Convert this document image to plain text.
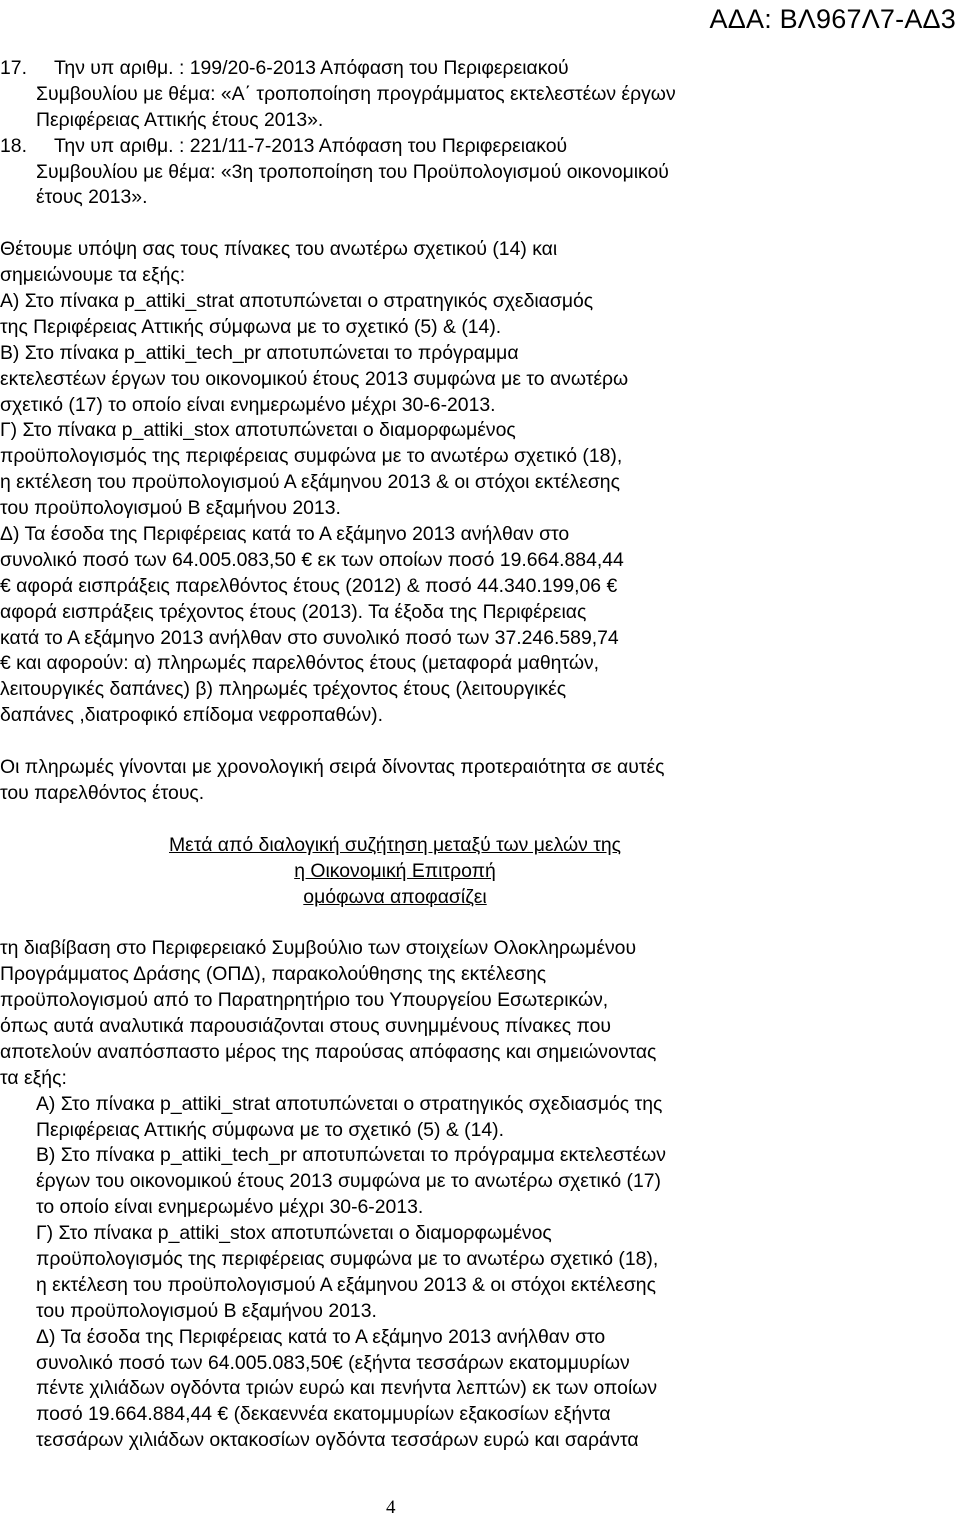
ΑΔΑ: ΒΛ967Λ7-ΑΔ3
17. Την υπ αριθμ. : 199/20-6-2013 Απόφαση του Περιφερειακού
Συμβουλίου με θέμα: «Α΄ τροποποίηση προγράμματος εκτελεστέων έργων
Περιφέρειας Αττικής έτους 2013».
18. Την υπ αριθμ. : 221/11-7-2013 Απόφαση του Περιφερειακού
Συμβουλίου με θέμα: «3η τροποποίηση του Προϋπολογισμού οικονομικού
έτους 2013».
Θέτουμε υπόψη σας τους πίνακες του ανωτέρω σχετικού (14) και
σημειώνουμε τα εξής:
Α) Στο πίνακα p_attiki_strat αποτυπώνεται ο στρατηγικός σχεδιασμός
της Περιφέρειας Αττικής σύμφωνα με το σχετικό (5) & (14).
Β) Στο πίνακα p_attiki_tech_pr αποτυπώνεται το πρόγραμμα
εκτελεστέων έργων του οικονομικού έτους 2013 συμφώνα με το ανωτέρω
σχετικό (17) το οποίο είναι ενημερωμένο μέχρι 30-6-2013.
Γ) Στο πίνακα p_attiki_stox αποτυπώνεται ο διαμορφωμένος
προϋπολογισμός της περιφέρειας συμφώνα με το ανωτέρω σχετικό (18),
η εκτέλεση του προϋπολογισμού Α εξάμηνου 2013 & οι στόχοι εκτέλεσης
του προϋπολογισμού Β εξαμήνου 2013.
Δ) Τα έσοδα της Περιφέρειας κατά το Α εξάμηνο 2013 ανήλθαν στο
συνολικό ποσό των 64.005.083,50 € εκ των οποίων ποσό 19.664.884,44
€ αφορά εισπράξεις παρελθόντος έτους (2012) & ποσό 44.340.199,06 €
αφορά εισπράξεις τρέχοντος έτους (2013). Τα έξοδα της Περιφέρειας
κατά το Α εξάμηνο 2013 ανήλθαν στο συνολικό ποσό των 37.246.589,74
€ και αφορούν: α) πληρωμές παρελθόντος έτους (μεταφορά μαθητών,
λειτουργικές δαπάνες) β) πληρωμές τρέχοντος έτους (λειτουργικές
δαπάνες ,διατροφικό επίδομα νεφροπαθών).
Οι πληρωμές γίνονται με χρονολογική σειρά δίνοντας προτεραιότητα σε αυτές
του παρελθόντος έτους.
Μετά από διαλογική συζήτηση μεταξύ των μελών της
η Οικονομική Επιτροπή
ομόφωνα αποφασίζει
τη διαβίβαση στο Περιφερειακό Συμβούλιο των στοιχείων Ολοκληρωμένου
Προγράμματος Δράσης (ΟΠΔ), παρακολούθησης της εκτέλεσης
προϋπολογισμού από το Παρατηρητήριο του Υπουργείου Εσωτερικών,
όπως αυτά αναλυτικά παρουσιάζονται στους συνημμένους πίνακες που
αποτελούν αναπόσπαστο μέρος της παρούσας απόφασης και σημειώνοντας
τα εξής:
Α) Στο πίνακα p_attiki_strat αποτυπώνεται ο στρατηγικός σχεδιασμός της
Περιφέρειας Αττικής σύμφωνα με το σχετικό (5) & (14).
Β) Στο πίνακα p_attiki_tech_pr αποτυπώνεται το πρόγραμμα εκτελεστέων
έργων του οικονομικού έτους 2013 συμφώνα με το ανωτέρω σχετικό (17)
το οποίο είναι ενημερωμένο μέχρι 30-6-2013.
Γ) Στο πίνακα p_attiki_stox αποτυπώνεται ο διαμορφωμένος
προϋπολογισμός της περιφέρειας συμφώνα με το ανωτέρω σχετικό (18),
η εκτέλεση του προϋπολογισμού Α εξάμηνου 2013 & οι στόχοι εκτέλεσης
του προϋπολογισμού Β εξαμήνου 2013.
Δ) Τα έσοδα της Περιφέρειας κατά το Α εξάμηνο 2013 ανήλθαν στο
συνολικό ποσό των 64.005.083,50€ (εξήντα τεσσάρων εκατομμυρίων
πέντε χιλιάδων ογδόντα τριών ευρώ και πενήντα λεπτών) εκ των οποίων
ποσό 19.664.884,44 € (δεκαεννέα εκατομμυρίων εξακοσίων εξήντα
τεσσάρων χιλιάδων οκτακοσίων ογδόντα τεσσάρων ευρώ και σαράντα
4
